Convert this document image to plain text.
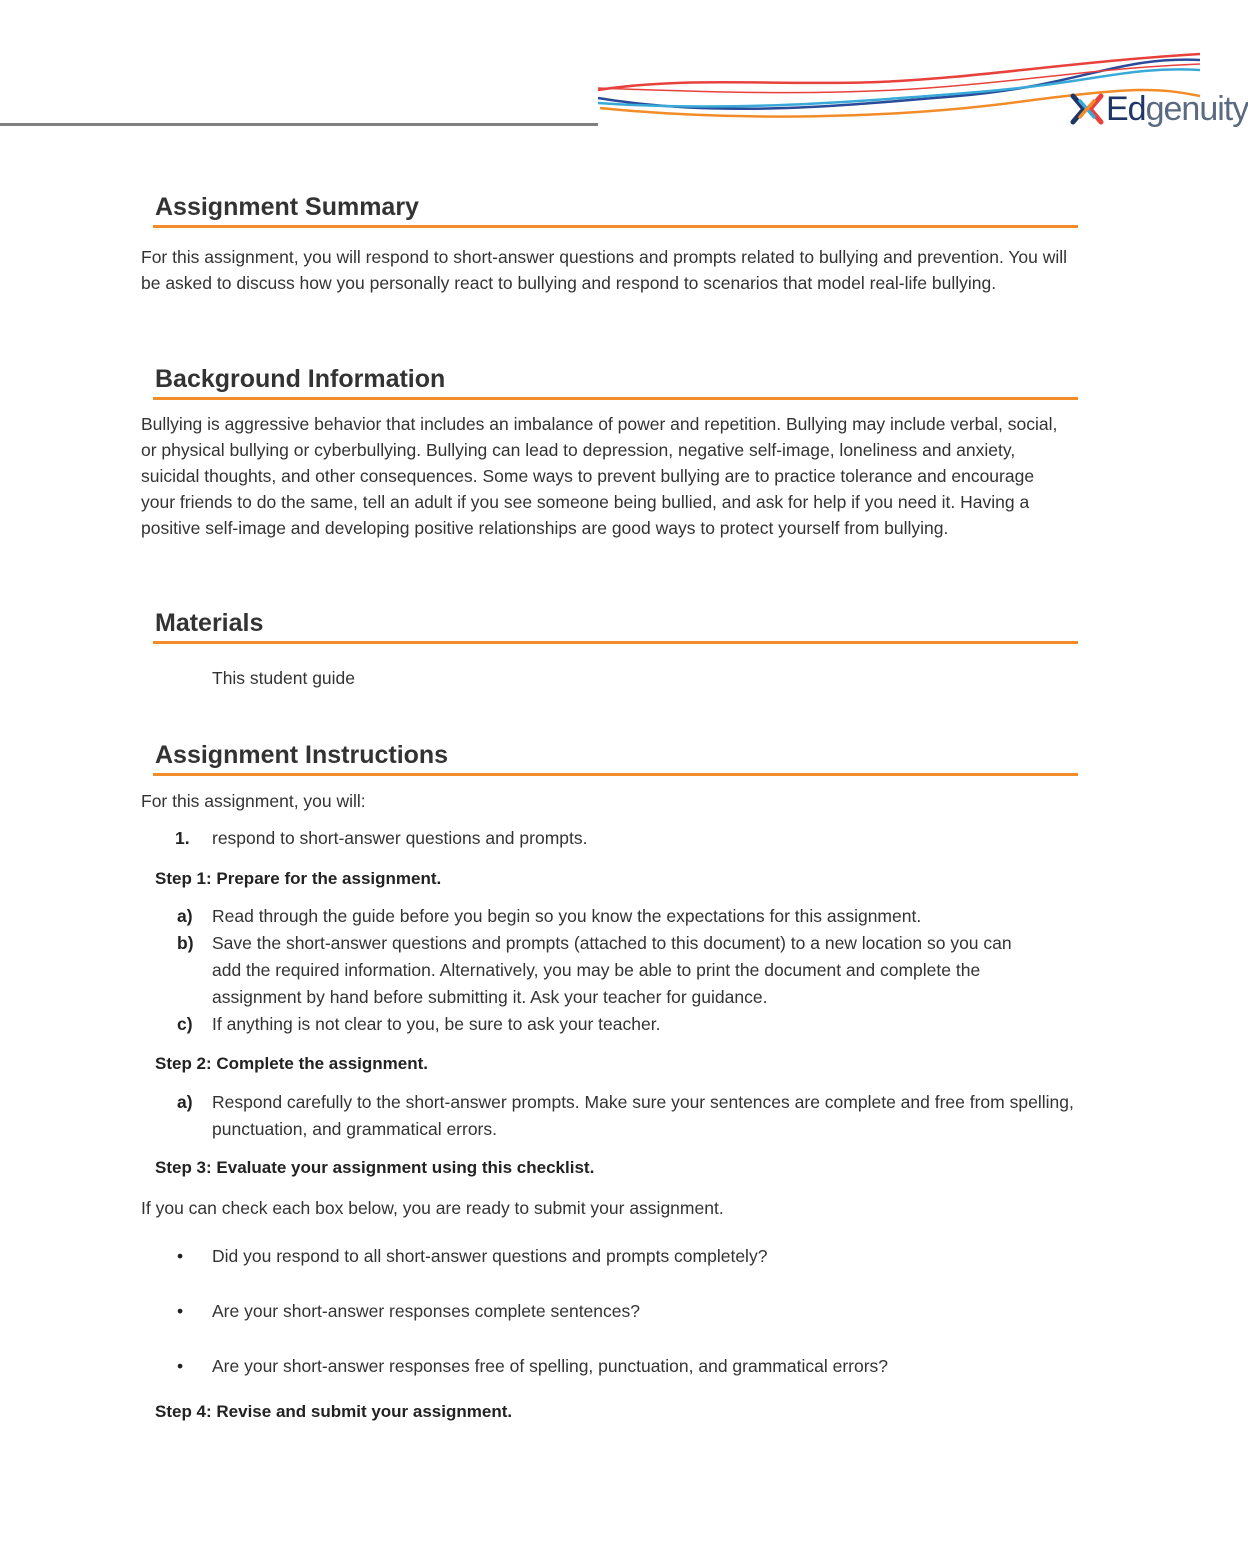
Edgenuity
Assignment Summary

For this assignment, you will respond to short-answer questions and prompts related to bullying and prevention. You will be asked to discuss how you personally react to bullying and respond to scenarios that model real-life bullying.

Background Information

Bullying is aggressive behavior that includes an imbalance of power and repetition. Bullying may include verbal, social, or physical bullying or cyberbullying. Bullying can lead to depression, negative self-image, loneliness and anxiety, suicidal thoughts, and other consequences. Some ways to prevent bullying are to practice tolerance and encourage your friends to do the same, tell an adult if you see someone being bullied, and ask for help if you need it. Having a positive self-image and developing positive relationships are good ways to protect yourself from bullying.

Materials

This student guide

Assignment Instructions

For this assignment, you will:

1.	respond to short-answer questions and prompts.

Step 1: Prepare for the assignment.

a)	Read through the guide before you begin so you know the expectations for this assignment.
b)	Save the short-answer questions and prompts (attached to this document) to a new location so you can add the required information. Alternatively, you may be able to print the document and complete the assignment by hand before submitting it. Ask your teacher for guidance.
c)	If anything is not clear to you, be sure to ask your teacher.

Step 2: Complete the assignment.

a)	Respond carefully to the short-answer prompts. Make sure your sentences are complete and free from spelling, punctuation, and grammatical errors.

Step 3: Evaluate your assignment using this checklist.

If you can check each box below, you are ready to submit your assignment.

•	Did you respond to all short-answer questions and prompts completely?
•	Are your short-answer responses complete sentences?
•	Are your short-answer responses free of spelling, punctuation, and grammatical errors?

Step 4: Revise and submit your assignment.
